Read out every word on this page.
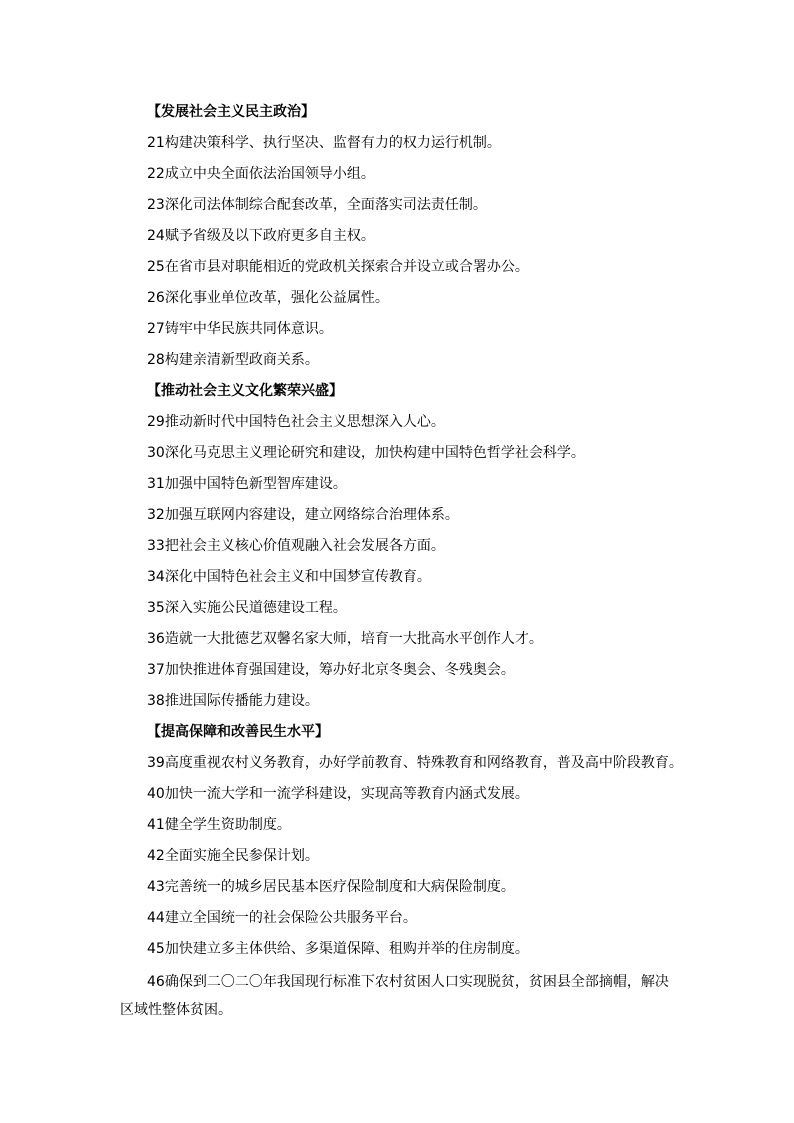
【发展社会主义民主政治】
21构建决策科学、执行坚决、监督有力的权力运行机制。
22成立中央全面依法治国领导小组。
23深化司法体制综合配套改革，全面落实司法责任制。
24赋予省级及以下政府更多自主权。
25在省市县对职能相近的党政机关探索合并设立或合署办公。
26深化事业单位改革，强化公益属性。
27铸牢中华民族共同体意识。
28构建亲清新型政商关系。
【推动社会主义文化繁荣兴盛】
29推动新时代中国特色社会主义思想深入人心。
30深化马克思主义理论研究和建设，加快构建中国特色哲学社会科学。
31加强中国特色新型智库建设。
32加强互联网内容建设，建立网络综合治理体系。
33把社会主义核心价值观融入社会发展各方面。
34深化中国特色社会主义和中国梦宣传教育。
35深入实施公民道德建设工程。
36造就一大批德艺双馨名家大师，培育一大批高水平创作人才。
37加快推进体育强国建设，筹办好北京冬奥会、冬残奥会。
38推进国际传播能力建设。
【提高保障和改善民生水平】
39高度重视农村义务教育，办好学前教育、特殊教育和网络教育，普及高中阶段教育。
40加快一流大学和一流学科建设，实现高等教育内涵式发展。
41健全学生资助制度。
42全面实施全民参保计划。
43完善统一的城乡居民基本医疗保险制度和大病保险制度。
44建立全国统一的社会保险公共服务平台。
45加快建立多主体供给、多渠道保障、租购并举的住房制度。
46确保到二〇二〇年我国现行标准下农村贫困人口实现脱贫，贫困县全部摘帽，解决区域性整体贫困。
